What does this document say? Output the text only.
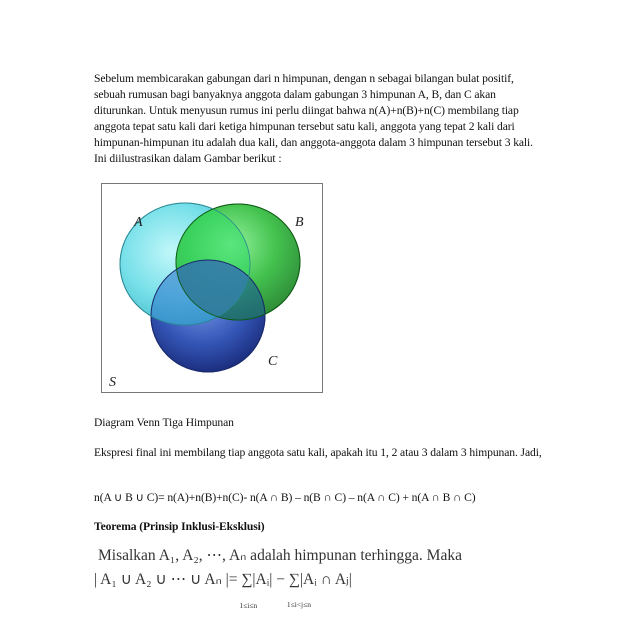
Sebelum membicarakan gabungan dari n himpunan, dengan n sebagai bilangan bulat positif, sebuah rumusan bagi banyaknya anggota dalam gabungan 3 himpunan A, B, dan C akan diturunkan. Untuk menyusun rumus ini perlu diingat bahwa n(A)+n(B)+n(C) membilang tiap anggota tepat satu kali dari ketiga himpunan tersebut satu kali, anggota yang tepat 2 kali dari himpunan-himpunan itu adalah dua kali, dan anggota-anggota dalam 3 himpunan tersebut 3 kali. Ini diilustrasikan dalam Gambar berikut :

A	B
C
S

Diagram Venn Tiga Himpunan

Ekspresi final ini membilang tiap anggota satu kali, apakah itu 1, 2 atau 3 dalam 3 himpunan. Jadi,

n(A ∪ B ∪ C)= n(A)+n(B)+n(C)- n(A ∩ B) – n(B ∩ C) – n(A ∩ C) + n(A ∩ B ∩ C)

Teorema (Prinsip Inklusi-Eksklusi)

Misalkan A₁, A₂, ⋯, Aₙ adalah himpunan terhingga. Maka
| A₁ ∪ A₂ ∪ ⋯ ∪ Aₙ |= ∑|Aᵢ|
1≤i≤n
− ∑|Aᵢ ∩ Aⱼ|
1≤i<j≤n
